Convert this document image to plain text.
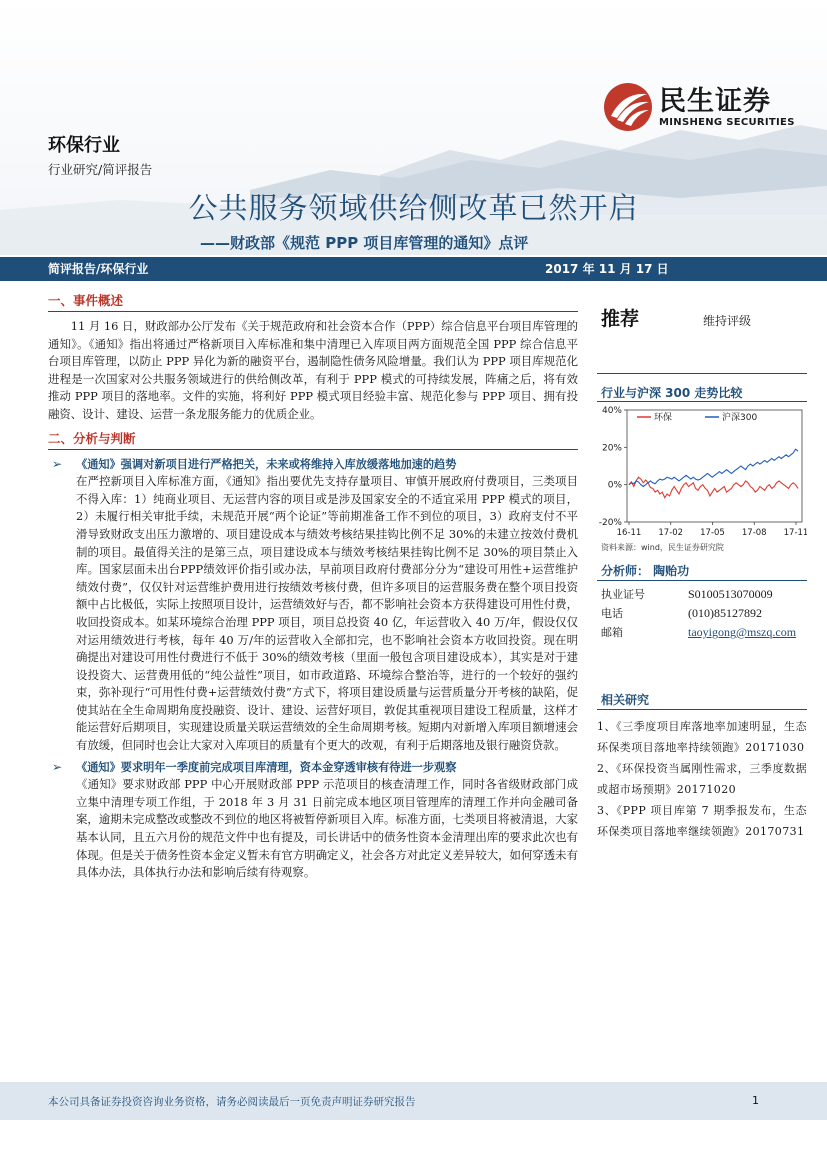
民生证券
MINSHENG SECURITIES
环保行业
行业研究/简评报告
公共服务领域供给侧改革已然开启
——财政部《规范 PPP 项目库管理的通知》点评
简评报告/环保行业	2017 年 11 月 17 日
一、事件概述
11 月 16 日，财政部办公厅发布《关于规范政府和社会资本合作（PPP）综合信息平台项目库管理的通知》。《通知》指出将通过严格新项目入库标准和集中清理已入库项目两方面规范全国 PPP 综合信息平台项目库管理，以防止 PPP 异化为新的融资平台，遏制隐性债务风险增量。我们认为 PPP 项目库规范化进程是一次国家对公共服务领域进行的供给侧改革，有利于 PPP 模式的可持续发展，阵痛之后，将有效推动 PPP 项目的落地率。文件的实施，将利好 PPP 模式项目经验丰富、规范化参与 PPP 项目、拥有投融资、设计、建设、运营一条龙服务能力的优质企业。
二、分析与判断
➢ 《通知》强调对新项目进行严格把关，未来或将维持入库放缓落地加速的趋势
在严控新项目入库标准方面，《通知》指出要优先支持存量项目、审慎开展政府付费项目，三类项目不得入库：1）纯商业项目、无运营内容的项目或是涉及国家安全的不适宜采用 PPP 模式的项目，2）未履行相关审批手续，未规范开展“两个论证”等前期准备工作不到位的项目，3）政府支付不平滑导致财政支出压力激增的、项目建设成本与绩效考核结果挂钩比例不足 30%的未建立按效付费机制的项目。最值得关注的是第三点，项目建设成本与绩效考核结果挂钩比例不足 30%的项目禁止入库。国家层面未出台PPP绩效评价指引或办法，早前项目政府付费部分分为“建设可用性+运营维护绩效付费”，仅仅针对运营维护费用进行按绩效考核付费，但许多项目的运营服务费在整个项目投资额中占比极低，实际上按照项目设计，运营绩效好与否，都不影响社会资本方获得建设可用性付费，收回投资成本。如某环境综合治理 PPP 项目，项目总投资 40 亿，年运营收入 40 万/年，假设仅仅对运用绩效进行考核，每年 40 万/年的运营收入全部扣完，也不影响社会资本方收回投资。现在明确提出对建设可用性付费进行不低于 30%的绩效考核（里面一般包含项目建设成本），其实是对于建设投资大、运营费用低的“纯公益性”项目，如市政道路、环境综合整治等，进行的一个较好的强约束，弥补现行“可用性付费+运营绩效付费”方式下，将项目建设质量与运营质量分开考核的缺陷，促使其站在全生命周期角度投融资、设计、建设、运营好项目，敦促其重视项目建设工程质量，这样才能运营好后期项目，实现建设质量关联运营绩效的全生命周期考核。短期内对新增入库项目额增速会有放缓，但同时也会让大家对入库项目的质量有个更大的改观，有利于后期落地及银行融资贷款。
➢ 《通知》要求明年一季度前完成项目库清理，资本金穿透审核有待进一步观察
《通知》要求财政部 PPP 中心开展财政部 PPP 示范项目的核查清理工作，同时各省级财政部门成立集中清理专项工作组，于 2018 年 3 月 31 日前完成本地区项目管理库的清理工作并向金融司备案，逾期未完成整改或整改不到位的地区将被暂停新项目入库。标准方面，七类项目将被清退，大家基本认同，且五六月份的规范文件中也有提及，司长讲话中的债务性资本金清理出库的要求此次也有体现。但是关于债务性资本金定义暂未有官方明确定义，社会各方对此定义差异较大，如何穿透未有具体办法，具体执行办法和影响后续有待观察。
推荐	维持评级
行业与沪深 300 走势比较
40%
20%
0%
-20%
16-11 17-02 17-05 17-08 17-11
环保	沪深300
资料来源：wind，民生证券研究院
分析师： 陶贻功
执业证号	S0100513070009
电话	(010)85127892
邮箱	taoyigong@mszq.com
相关研究
1、《三季度项目库落地率加速明显，生态环保类项目落地率持续领跑》20171030
2、《环保投资当属刚性需求，三季度数据或超市场预期》20171020
3、《PPP 项目库第 7 期季报发布，生态环保类项目落地率继续领跑》20170731
本公司具备证券投资咨询业务资格，请务必阅读最后一页免责声明证券研究报告	1
